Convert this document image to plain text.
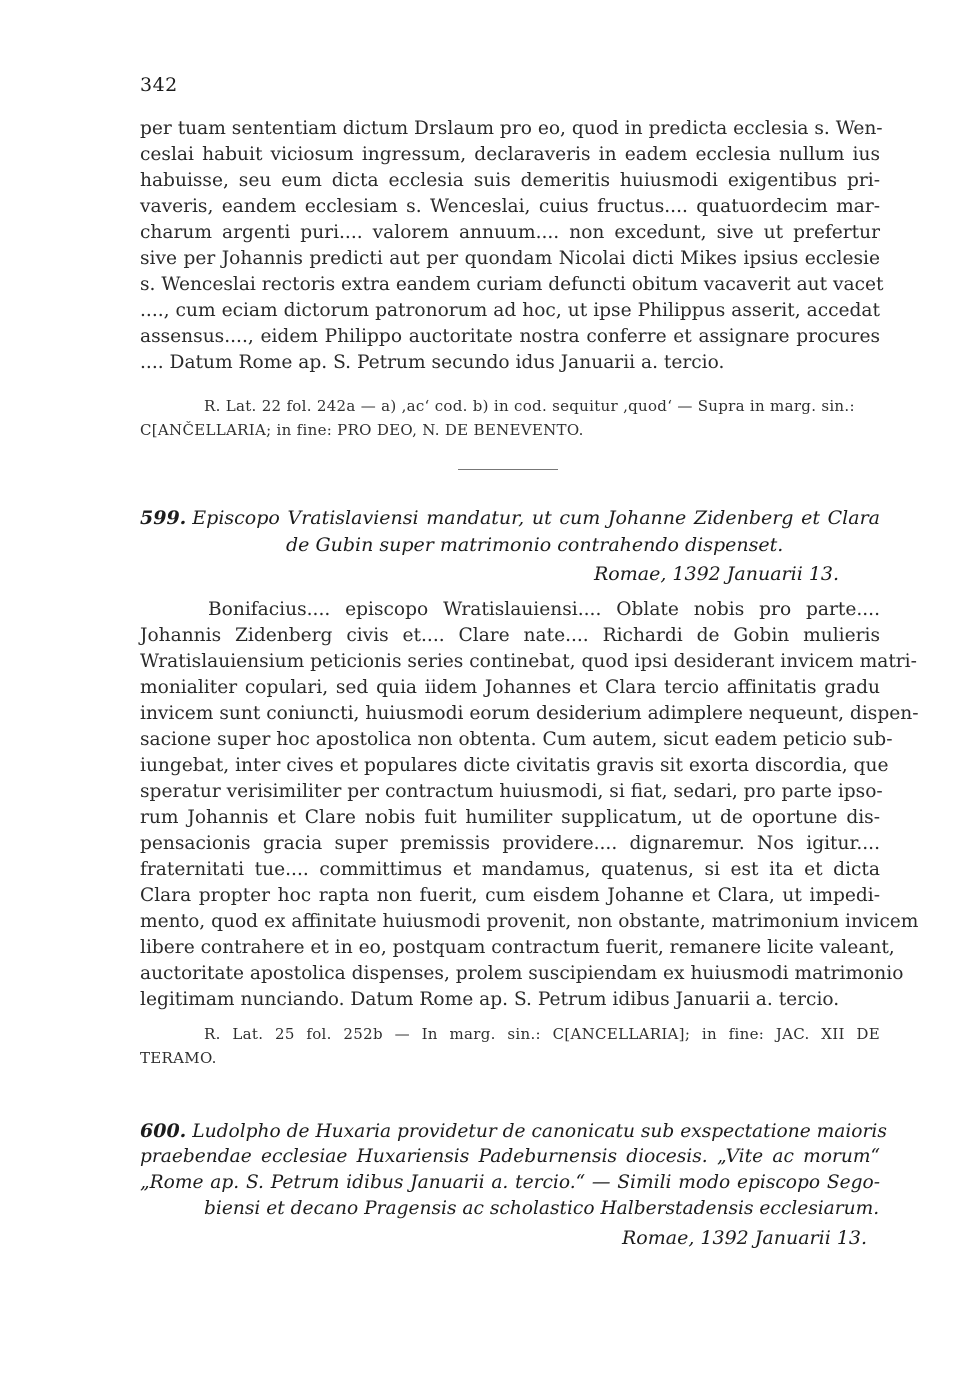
342
per tuam sententiam dictum Drslaum pro eo, quod in predicta ecclesia s. Wen-
ceslai habuit viciosum ingressum, declaraveris in eadem ecclesia nullum ius
habuisse, seu eum dicta ecclesia suis demeritis huiusmodi exigentibus pri-
vaveris, eandem ecclesiam s. Wenceslai, cuius fructus.... quatuordecim mar-
charum argenti puri.... valorem annuum.... non excedunt, sive ut prefertur
sive per Johannis predicti aut per quondam Nicolai dicti Mikes ipsius ecclesie
s. Wenceslai rectoris extra eandem curiam defuncti obitum vacaverit aut vacet
...., cum eciam dictorum patronorum ad hoc, ut ipse Philippus asserit, accedat
assensus...., eidem Philippo auctoritate nostra conferre et assignare procures
.... Datum Rome ap. S. Petrum secundo idus Januarii a. tercio.
R. Lat. 22 fol. 242a — a) ‚ac‘ cod. b) in cod. sequitur ‚quod‘ — Supra in marg. sin.:
C[ANČELLARIA; in fine: PRO DEO, N. DE BENEVENTO.
599. Episcopo Vratislaviensi mandatur, ut cum Johanne Zidenberg et Clara
de Gubin super matrimonio contrahendo dispenset.
Romae, 1392 Januarii 13.
Bonifacius.... episcopo Wratislauiensi.... Oblate nobis pro parte....
Johannis Zidenberg civis et.... Clare nate.... Richardi de Gobin mulieris
Wratislauiensium peticionis series continebat, quod ipsi desiderant invicem matri-
monialiter copulari, sed quia iidem Johannes et Clara tercio affinitatis gradu
invicem sunt coniuncti, huiusmodi eorum desiderium adimplere nequeunt, dispen-
sacione super hoc apostolica non obtenta. Cum autem, sicut eadem peticio sub-
iungebat, inter cives et populares dicte civitatis gravis sit exorta discordia, que
speratur verisimiliter per contractum huiusmodi, si fiat, sedari, pro parte ipso-
rum Johannis et Clare nobis fuit humiliter supplicatum, ut de oportune dis-
pensacionis gracia super premissis providere.... dignaremur. Nos igitur....
fraternitati tue.... committimus et mandamus, quatenus, si est ita et dicta
Clara propter hoc rapta non fuerit, cum eisdem Johanne et Clara, ut impedi-
mento, quod ex affinitate huiusmodi provenit, non obstante, matrimonium invicem
libere contrahere et in eo, postquam contractum fuerit, remanere licite valeant,
auctoritate apostolica dispenses, prolem suscipiendam ex huiusmodi matrimonio
legitimam nunciando. Datum Rome ap. S. Petrum idibus Januarii a. tercio.
R. Lat. 25 fol. 252b — In marg. sin.: C[ANCELLARIA]; in fine: JAC. XII DE
TERAMO.
600. Ludolpho de Huxaria providetur de canonicatu sub exspectatione maioris
praebendae ecclesiae Huxariensis Padeburnensis diocesis. „Vite ac morum“
„Rome ap. S. Petrum idibus Januarii a. tercio.“ — Simili modo episcopo Sego-
biensi et decano Pragensis ac scholastico Halberstadensis ecclesiarum.
Romae, 1392 Januarii 13.
